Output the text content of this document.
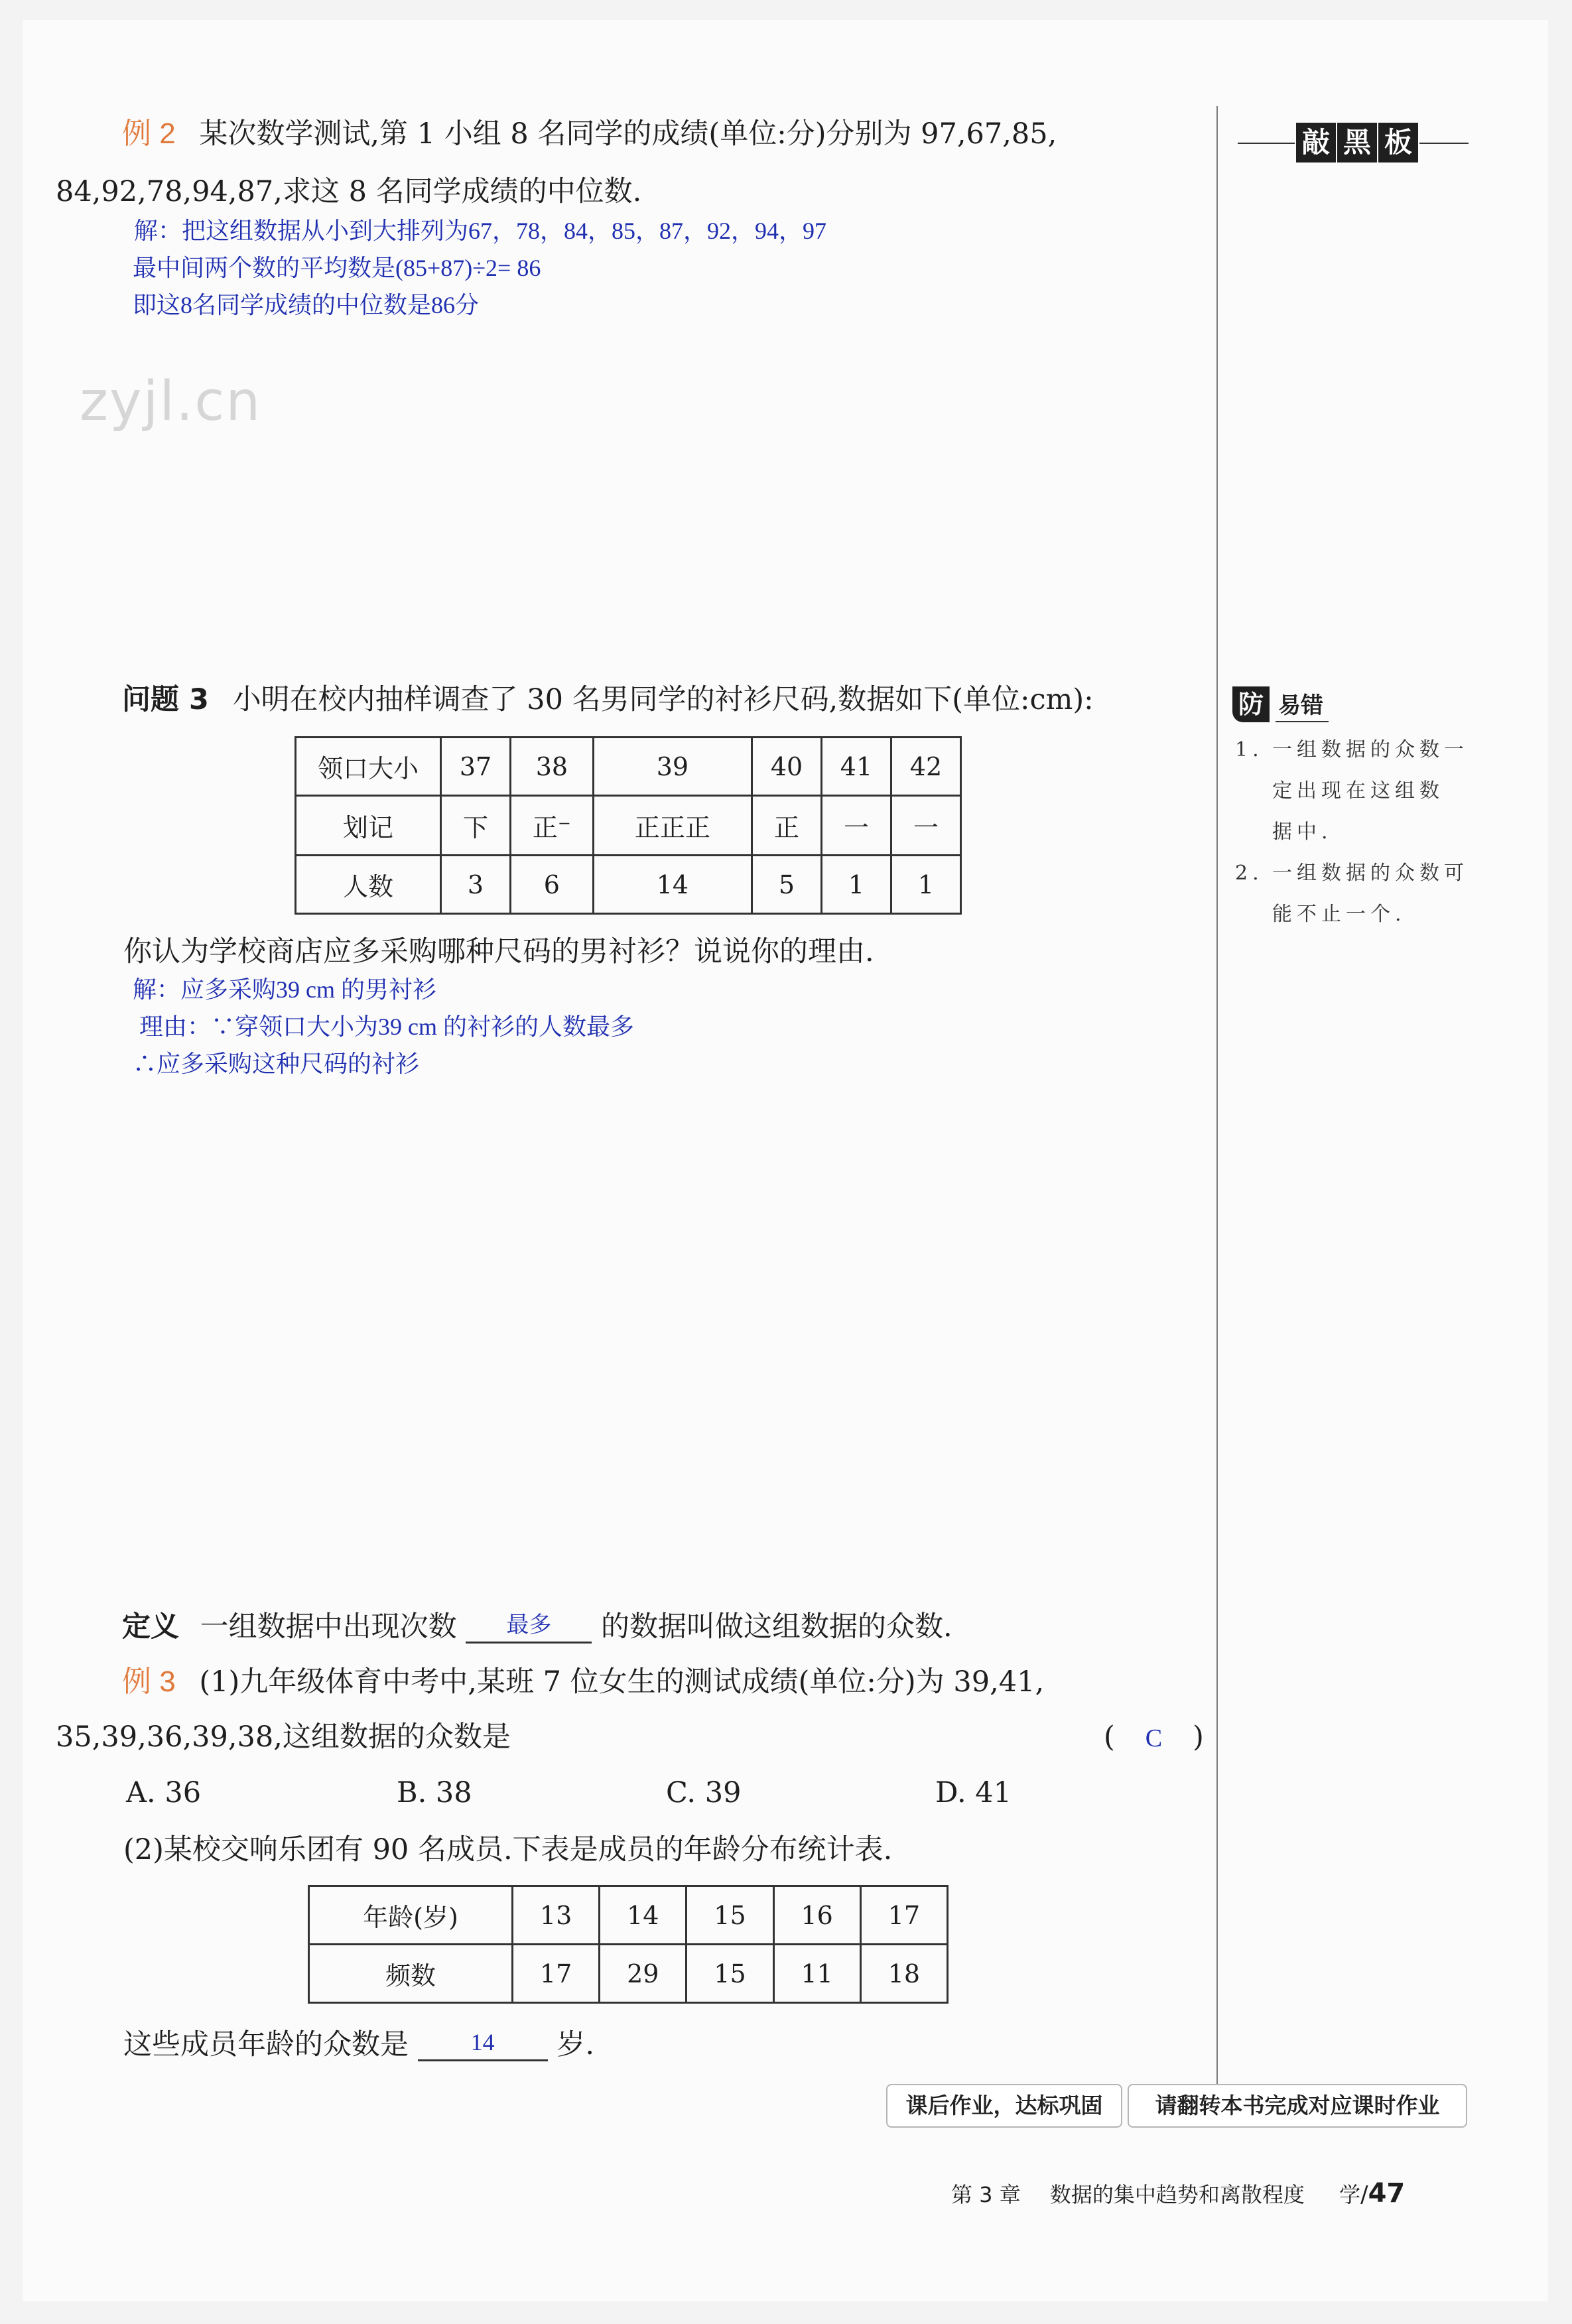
zyjl.cn
敲 黑 板
防 易错
1. 一组数据的众数一
定出现在这组数
据中.
2. 一组数据的众数可
能不止一个.
例 2 某次数学测试,第 1 小组 8 名同学的成绩(单位:分)分别为 97,67,85,
84,92,78,94,87,求这 8 名同学成绩的中位数.
解：把这组数据从小到大排列为67，78，84，85，87，92，94，97
最中间两个数的平均数是(85+87)÷2= 86
即这8名同学成绩的中位数是86分
问题 3 小明在校内抽样调查了 30 名男同学的衬衫尺码,数据如下(单位:cm):
领口大小	37	38	39	40	41	42
划记	下	正⁻	正正正	正	一	一
人数	3	6	14	5	1	1
你认为学校商店应多采购哪种尺码的男衬衫？说说你的理由.
解：应多采购39 cm 的男衬衫
理由：∵穿领口大小为39 cm 的衬衫的人数最多
∴应多采购这种尺码的衬衫
定义 一组数据中出现次数 最多 的数据叫做这组数据的众数.
例 3 (1)九年级体育中考中,某班 7 位女生的测试成绩(单位:分)为 39,41,
35,39,36,39,38,这组数据的众数是	( C )
A. 36	B. 38	C. 39	D. 41
(2)某校交响乐团有 90 名成员.下表是成员的年龄分布统计表.
年龄(岁)	13	14	15	16	17
频数	17	29	15	11	18
这些成员年龄的众数是	14 岁.
课后作业，达标巩固	请翻转本书完成对应课时作业
第 3 章 数据的集中趋势和离散程度 学/47
